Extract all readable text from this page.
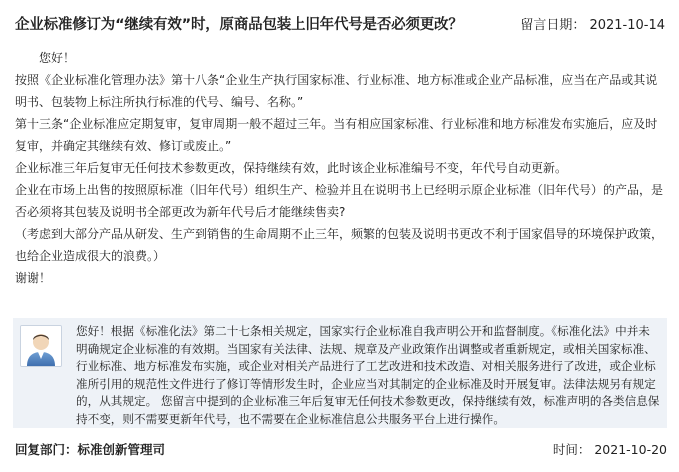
企业标准修订为“继续有效”时，原商品包装上旧年代号是否必须更改？	留言日期： 2021-10-14

您好！

按照《企业标准化管理办法》第十八条“企业生产执行国家标准、行业标准、地方标准或企业产品标准，应当在产品或其说明书、包装物上标注所执行标准的代号、编号、名称。”

第十三条“企业标准应定期复审，复审周期一般不超过三年。当有相应国家标准、行业标准和地方标准发布实施后，应及时复审，并确定其继续有效、修订或废止。”

企业标准三年后复审无任何技术参数更改，保持继续有效，此时该企业标准编号不变，年代号自动更新。

企业在市场上出售的按照原标准（旧年代号）组织生产、检验并且在说明书上已经明示原企业标准（旧年代号）的产品，是否必须将其包装及说明书全部更改为新年代号后才能继续售卖?

（考虑到大部分产品从研发、生产到销售的生命周期不止三年，频繁的包装及说明书更改不利于国家倡导的环境保护政策，也给企业造成很大的浪费。）

谢谢！

您好！根据《标准化法》第二十七条相关规定，国家实行企业标准自我声明公开和监督制度。《标准化法》中并未明确规定企业标准的有效期。当国家有关法律、法规、规章及产业政策作出调整或者重新规定，或相关国家标准、行业标准、地方标准发布实施，或企业对相关产品进行了工艺改进和技术改造、对相关服务进行了改进，或企业标准所引用的规范性文件进行了修订等情形发生时，企业应当对其制定的企业标准及时开展复审。法律法规另有规定的，从其规定。 您留言中提到的企业标准三年后复审无任何技术参数更改，保持继续有效，标准声明的各类信息保持不变，则不需要更新年代号，也不需要在企业标准信息公共服务平台上进行操作。
回复部门：标准创新管理司	时间： 2021-10-20
